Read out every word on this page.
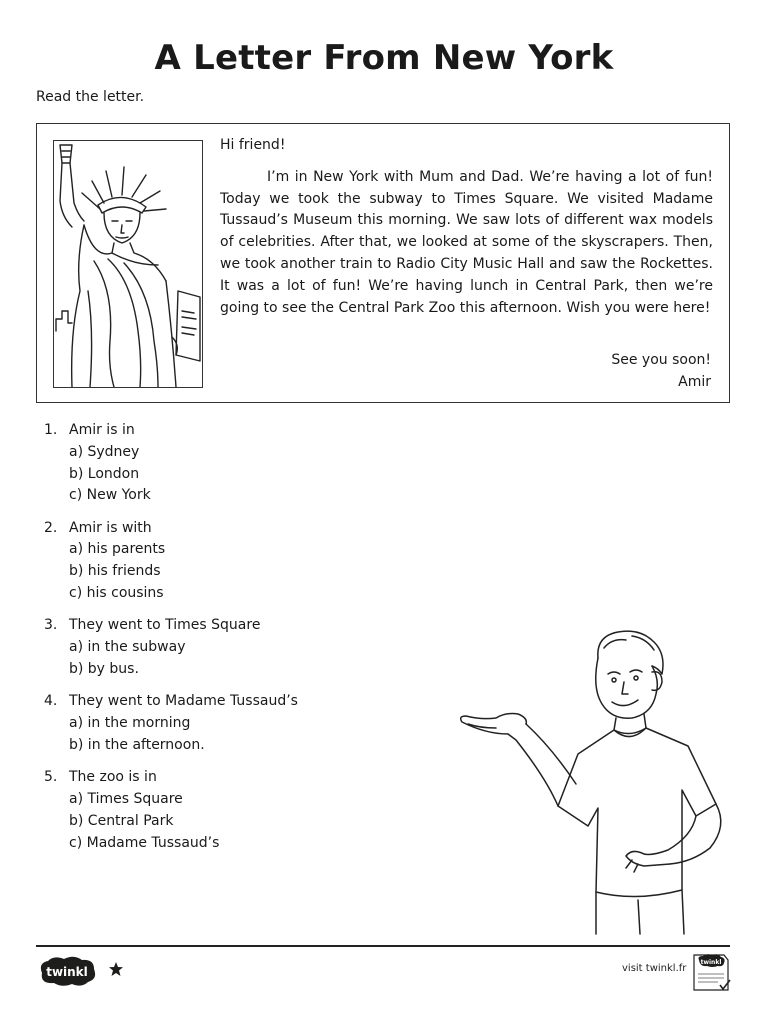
A Letter From New York
Read the letter.

Hi friend!

I’m in New York with Mum and Dad. We’re having a lot of fun! Today we took the subway to Times Square. We visited Madame Tussaud’s Museum this morning. We saw lots of different wax models of celebrities. After that, we looked at some of the skyscrapers. Then, we took another train to Radio City Music Hall and saw the Rockettes. It was a lot of fun! We’re having lunch in Central Park, then we’re going to see the Central Park Zoo this afternoon. Wish you were here!

See you soon!
Amir
1. Amir is in
a) Sydney
b) London
c) New York
2. Amir is with
a) his parents
b) his friends
c) his cousins
3. They went to Times Square
a) in the subway
b) by bus.
4. They went to Madame Tussaud’s
a) in the morning
b) in the afternoon.
5. The zoo is in
a) Times Square
b) Central Park
c) Madame Tussaud’s
twinkl	visit twinkl.fr
twinkl
